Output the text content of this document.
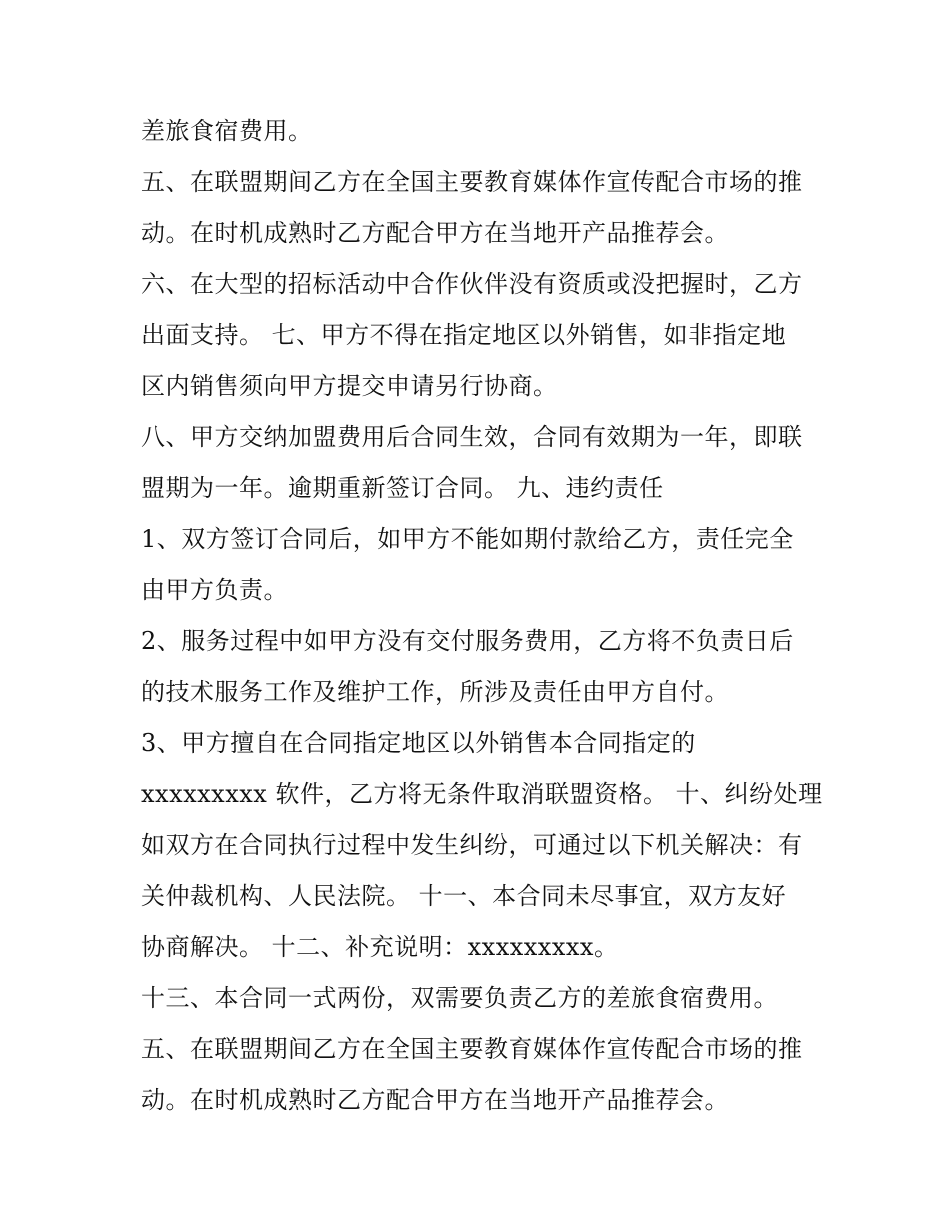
差旅食宿费用。
五、在联盟期间乙方在全国主要教育媒体作宣传配合市场的推
动。在时机成熟时乙方配合甲方在当地开产品推荐会。
六、在大型的招标活动中合作伙伴没有资质或没把握时，乙方
出面支持。 七、甲方不得在指定地区以外销售，如非指定地
区内销售须向甲方提交申请另行协商。
八、甲方交纳加盟费用后合同生效，合同有效期为一年，即联
盟期为一年。逾期重新签订合同。 九、违约责任
1、双方签订合同后，如甲方不能如期付款给乙方，责任完全
由甲方负责。
2、服务过程中如甲方没有交付服务费用，乙方将不负责日后
的技术服务工作及维护工作，所涉及责任由甲方自付。
3、甲方擅自在合同指定地区以外销售本合同指定的
xxxxxxxxx 软件，乙方将无条件取消联盟资格。 十、纠纷处理
如双方在合同执行过程中发生纠纷，可通过以下机关解决：有
关仲裁机构、人民法院。 十一、本合同未尽事宜，双方友好
协商解决。 十二、补充说明：xxxxxxxxx。
十三、本合同一式两份，双需要负责乙方的差旅食宿费用。
五、在联盟期间乙方在全国主要教育媒体作宣传配合市场的推
动。在时机成熟时乙方配合甲方在当地开产品推荐会。
